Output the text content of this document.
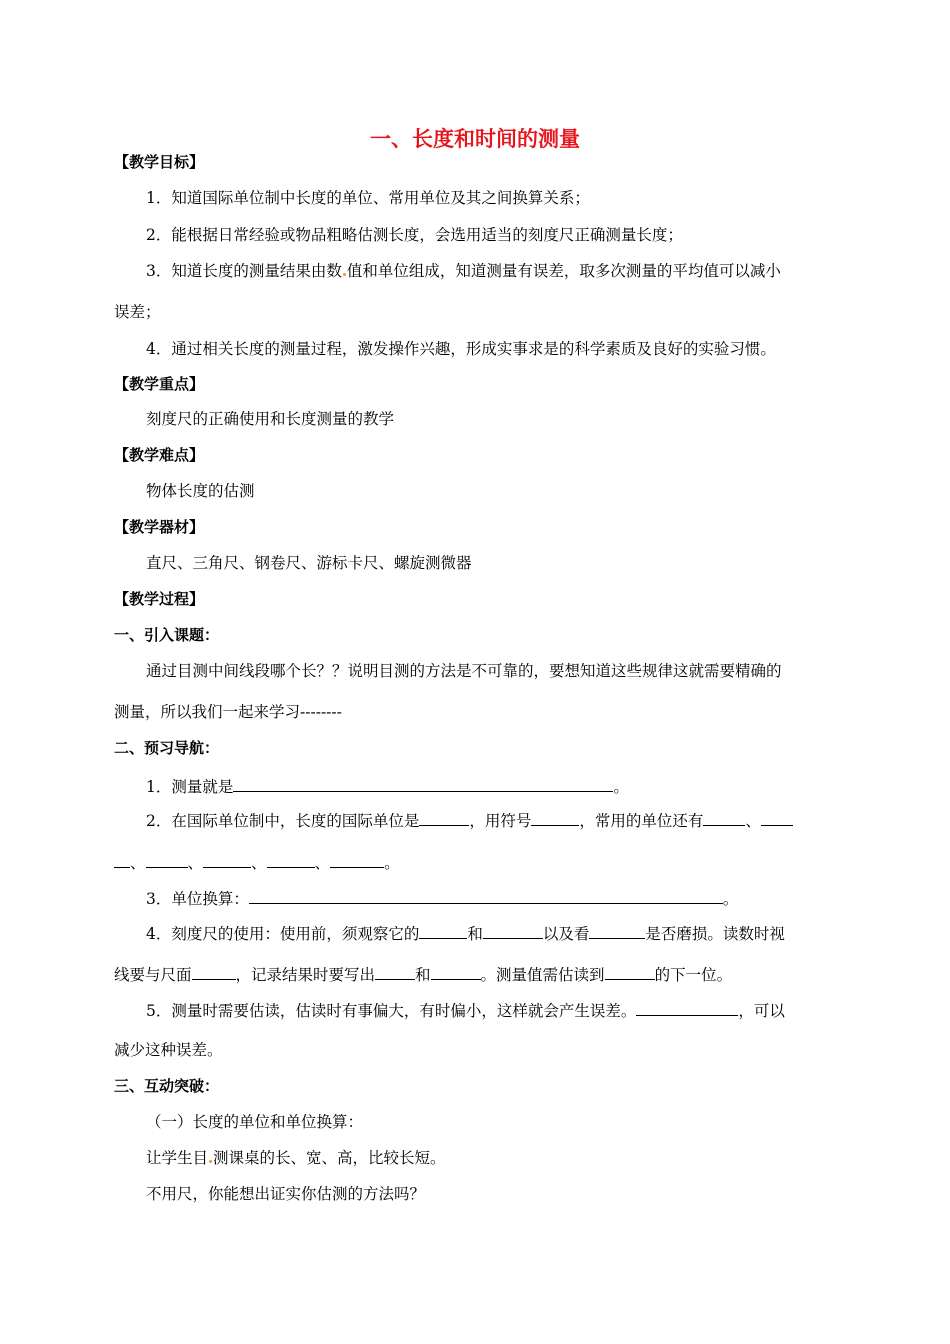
一、长度和时间的测量
【教学目标】
1．知道国际单位制中长度的单位、常用单位及其之间换算关系；
2．能根据日常经验或物品粗略估测长度，会选用适当的刻度尺正确测量长度；
3．知道长度的测量结果由数 值和单位组成，知道测量有误差，取多次测量的平均值可以减小
误差；
4．通过相关长度的测量过程，激发操作兴趣，形成实事求是的科学素质及良好的实验习惯。
【教学重点】
刻度尺的正确使用和长度测量的教学
【教学难点】
物体长度的估测
【教学器材】
直尺、三角尺、钢卷尺、游标卡尺、螺旋测微器
【教学过程】
一、引入课题：
通过目测中间线段哪个长？？说明目测的方法是不可靠的，要想知道这些规律这就需要精确的
测量，所以我们一起来学习--------
二、预习导航：
1．测量就是	。
2．在国际单位制中，长度的国际单位是	，用符号	，常用的单位还有	、
、	、	、	、	。
3．单位换算：	。
4．刻度尺的使用：使用前，须观察它的	和	以及看	是否磨损。读数时视
线要与尺面	，记录结果时要写出	和	。测量值需估读到	的下一位。
5．测量时需要估读，估读时有事偏大，有时偏小，这样就会产生误差。	，可以
减少这种误差。
三、互动突破：
（一）长度的单位和单位换算：
让学生目 测课桌的长、宽、高，比较长短。
不用尺，你能想出证实你估测的方法吗？
